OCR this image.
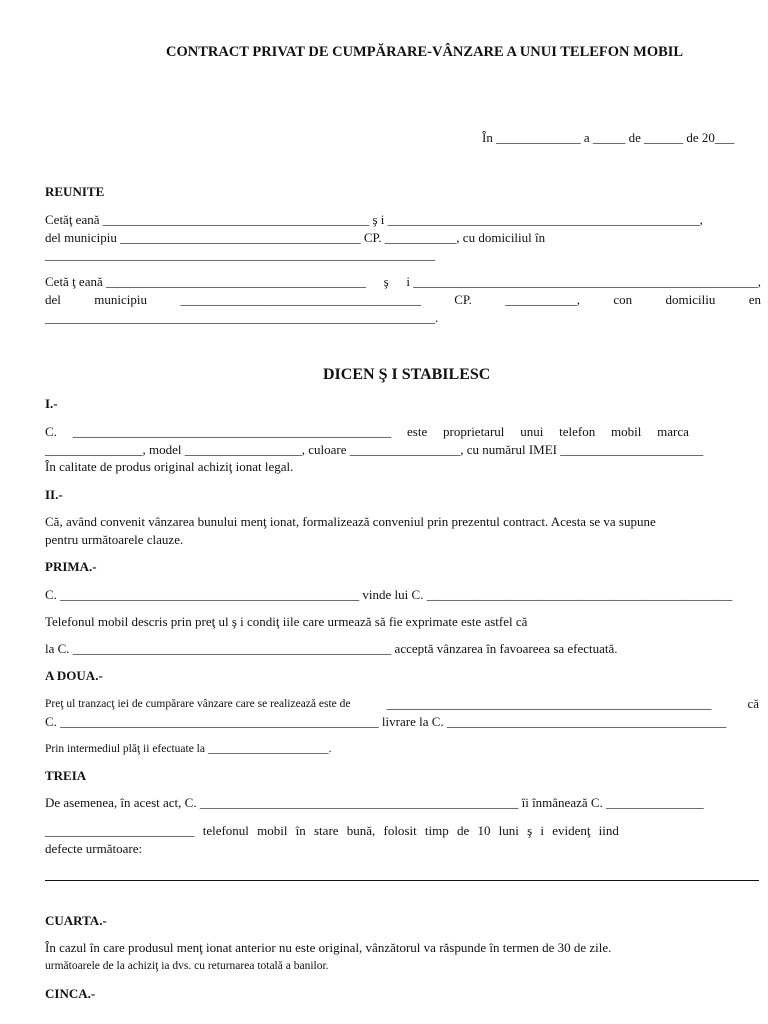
CONTRACT PRIVAT DE CUMPĂRARE-VÂNZARE A UNUI TELEFON MOBIL
În _____________ a _____ de ______ de 20___
REUNITE
Cetăţ eană _________________________________________ ş i ________________________________________________,
del municipiu _____________________________________ CP. ___________, cu domiciliul în
____________________________________________________________
Cetă ţ eană ________________________________________ ş i _____________________________________________________,
del	municipiu	_____________________________________	CP.	___________,	con	domiciliu	en
____________________________________________________________.
DICEN Ş I STABILESC
I.-
C. _________________________________________________ este proprietarul unui telefon mobil marca
_______________, model __________________, culoare _________________, cu numărul IMEI ______________________
În calitate de produs original achiziţ ionat legal.
II.-
Că, având convenit vânzarea bunului menţ ionat, formalizează conveniul prin prezentul contract. Acesta se va supune
pentru următoarele clauze.
PRIMA.-
C. ______________________________________________ vinde lui C. _______________________________________________
Telefonul mobil descris prin preţ ul ş i condiţ iile care urmează să fie exprimate este astfel că
la C. _________________________________________________ acceptă vânzarea în favoareea sa efectuată.
A DOUA.-
Preţ ul tranzacţ iei de cumpărare vânzare care se realizează este de	__________________________________________________	că
C. _________________________________________________ livrare la C. ___________________________________________
Prin intermediul plăţ ii efectuate la _____________________.
TREIA
De asemenea, în acest act, C. _________________________________________________ îi înmânează C. _______________
_______________________ telefonul mobil în stare bună, folosit timp de 10 luni ş i evidenţ iind
defecte următoare:
CUARTA.-
În cazul în care produsul menţ ionat anterior nu este original, vânzătorul va răspunde în termen de 30 de zile.
următoarele de la achiziţ ia dvs. cu returnarea totală a banilor.
CINCA.-
